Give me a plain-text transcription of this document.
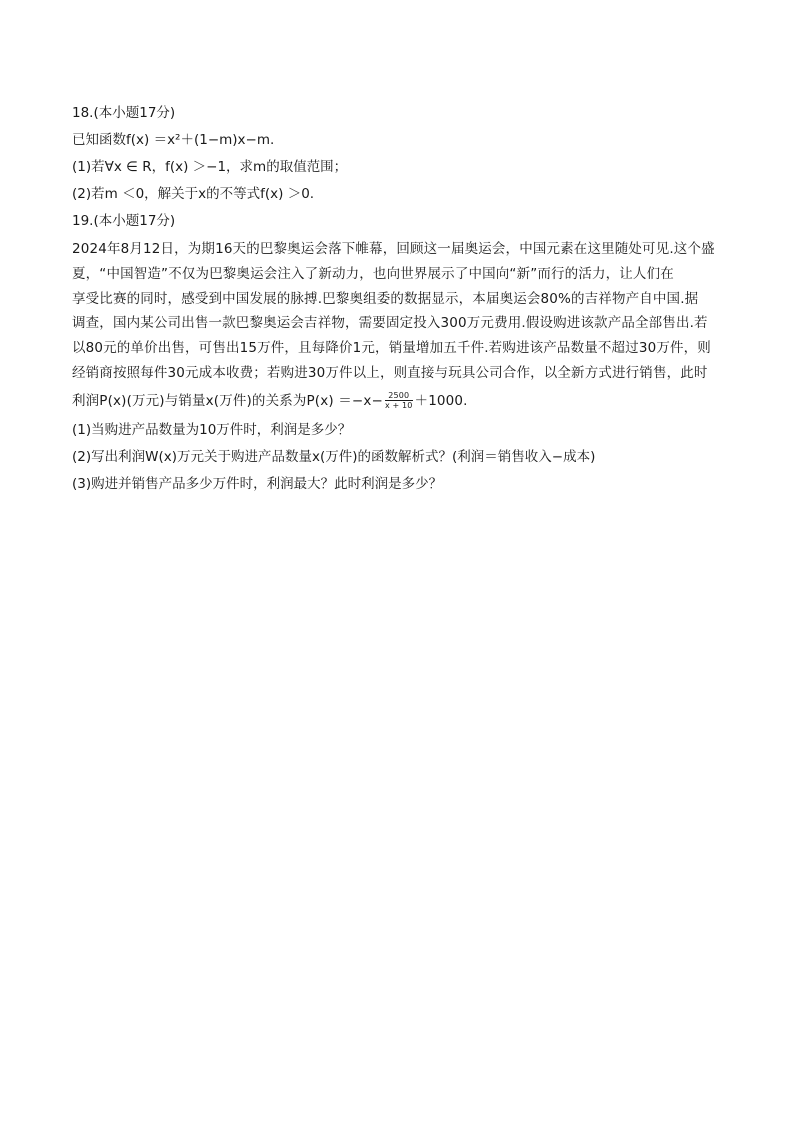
18.(本小题17分)
已知函数f(x) ＝x²＋(1−m)x−m.
(1)若∀x ∈ R，f(x) ＞−1，求m的取值范围；
(2)若m ＜0，解关于x的不等式f(x) ＞0.
19.(本小题17分)
2024年8月12日，为期16天的巴黎奥运会落下帷幕，回顾这一届奥运会，中国元素在这里随处可见.这个盛
夏，“中国智造”不仅为巴黎奥运会注入了新动力，也向世界展示了中国向“新”而行的活力，让人们在
享受比赛的同时，感受到中国发展的脉搏.巴黎奥组委的数据显示，本届奥运会80%的吉祥物产自中国.据
调查，国内某公司出售一款巴黎奥运会吉祥物，需要固定投入300万元费用.假设购进该款产品全部售出.若
以80元的单价出售，可售出15万件，且每降价1元，销量增加五千件.若购进该产品数量不超过30万件，则
经销商按照每件30元成本收费；若购进30万件以上，则直接与玩具公司合作，以全新方式进行销售，此时
利润P(x)(万元)与销量x(万件)的关系为$P(x) =-x- \frac{2500}{x + 10} +1000$.
(1)当购进产品数量为10万件时，利润是多少？
(2)写出利润W(x)万元关于购进产品数量x(万件)的函数解析式？(利润＝销售收入−成本)
(3)购进并销售产品多少万件时，利润最大？此时利润是多少？
